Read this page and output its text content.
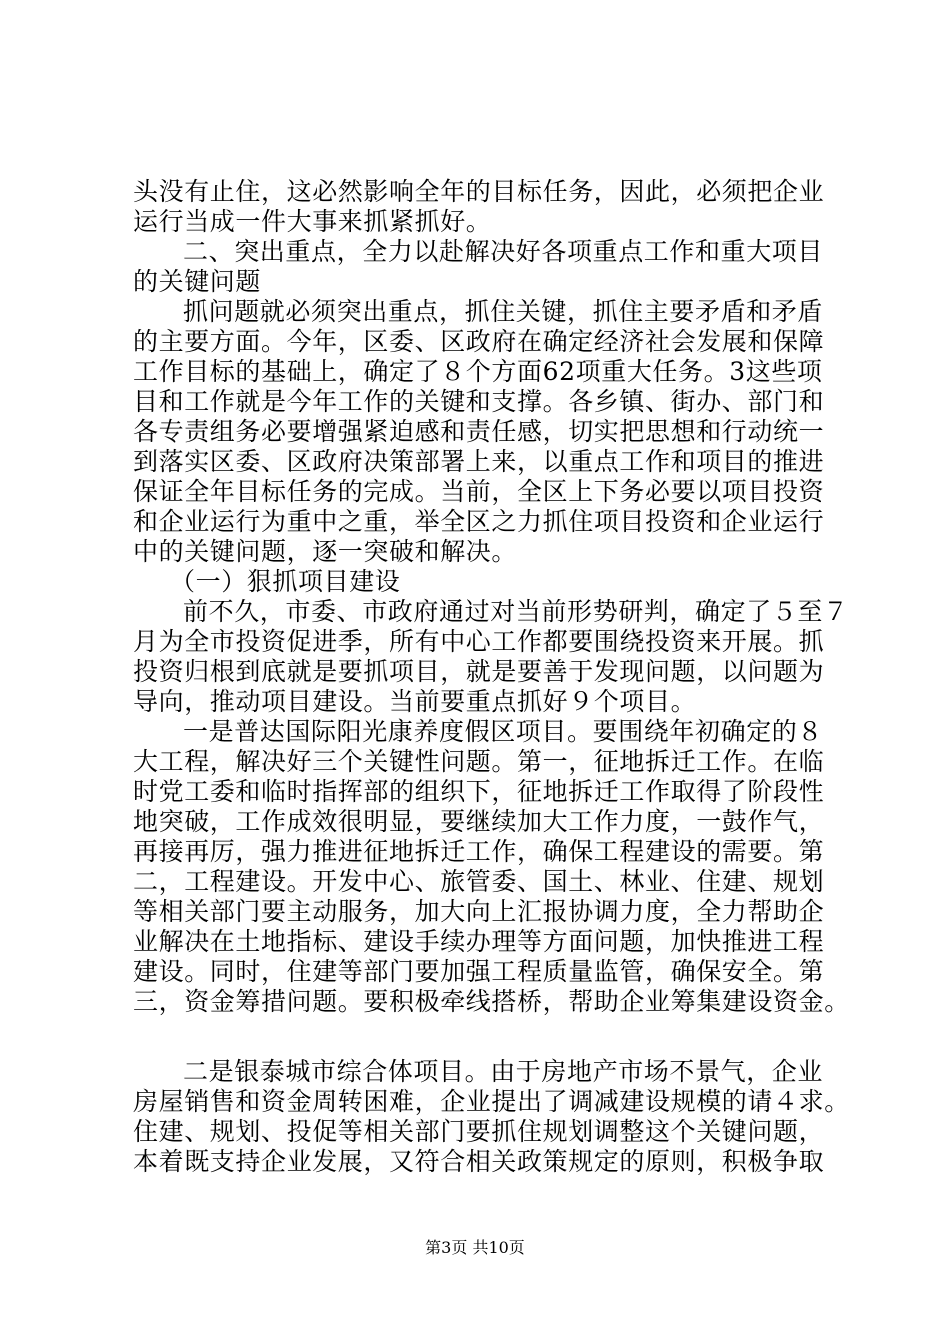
头没有止住，这必然影响全年的目标任务，因此，必须把企业
运行当成一件大事来抓紧抓好。
二、突出重点，全力以赴解决好各项重点工作和重大项目
的关键问题
抓问题就必须突出重点，抓住关键，抓住主要矛盾和矛盾
的主要方面。今年，区委、区政府在确定经济社会发展和保障
工作目标的基础上，确定了８个方面62项重大任务。3这些项
目和工作就是今年工作的关键和支撑。各乡镇、街办、部门和
各专责组务必要增强紧迫感和责任感，切实把思想和行动统一
到落实区委、区政府决策部署上来，以重点工作和项目的推进
保证全年目标任务的完成。当前，全区上下务必要以项目投资
和企业运行为重中之重，举全区之力抓住项目投资和企业运行
中的关键问题，逐一突破和解决。
（一）狠抓项目建设
前不久，市委、市政府通过对当前形势研判，确定了５至７
月为全市投资促进季，所有中心工作都要围绕投资来开展。抓
投资归根到底就是要抓项目，就是要善于发现问题，以问题为
导向，推动项目建设。当前要重点抓好９个项目。
一是普达国际阳光康养度假区项目。要围绕年初确定的８
大工程，解决好三个关键性问题。第一，征地拆迁工作。在临
时党工委和临时指挥部的组织下，征地拆迁工作取得了阶段性
地突破，工作成效很明显，要继续加大工作力度，一鼓作气，
再接再厉，强力推进征地拆迁工作，确保工程建设的需要。第
二，工程建设。开发中心、旅管委、国土、林业、住建、规划
等相关部门要主动服务，加大向上汇报协调力度，全力帮助企
业解决在土地指标、建设手续办理等方面问题，加快推进工程
建设。同时，住建等部门要加强工程质量监管，确保安全。第
三，资金筹措问题。要积极牵线搭桥，帮助企业筹集建设资金。
二是银泰城市综合体项目。由于房地产市场不景气，企业
房屋销售和资金周转困难，企业提出了调减建设规模的请４求。
住建、规划、投促等相关部门要抓住规划调整这个关键问题，
本着既支持企业发展，又符合相关政策规定的原则，积极争取
第3页 共10页
